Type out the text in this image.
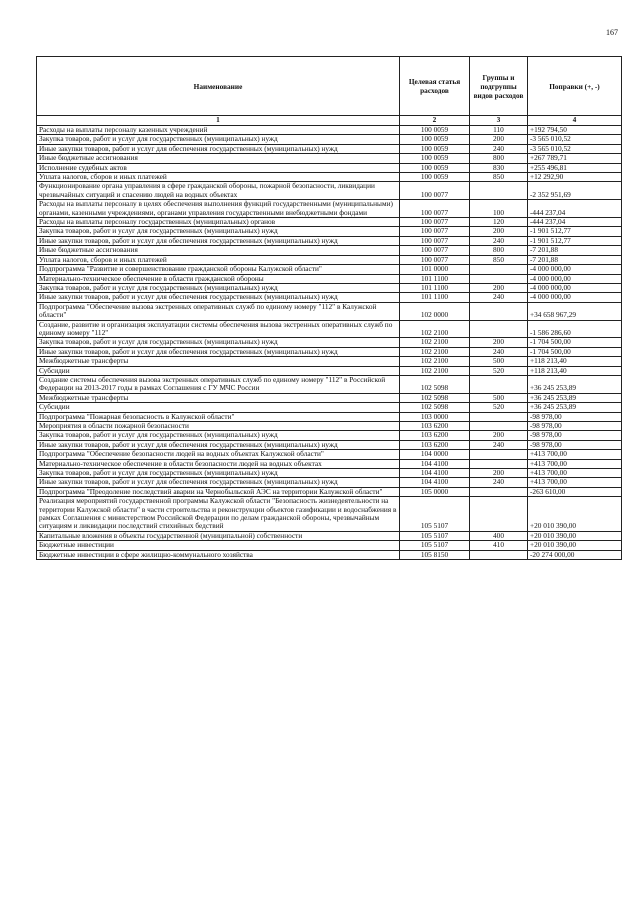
167
Наименование	Целевая статья расходов	Группы и подгруппы видов расходов	Поправки (+, -)
1	2	3	4
Расходы на выплаты персоналу казенных учреждений	100 0059	110	+192 794,50
Закупка товаров, работ и услуг для государственных (муниципальных) нужд	100 0059	200	-3 565 010,52
Иные закупки товаров, работ и услуг для обеспечения государственных (муниципальных) нужд	100 0059	240	-3 565 010,52
Иные бюджетные ассигнования	100 0059	800	+267 789,71
Исполнение судебных актов	100 0059	830	+255 496,81
Уплата налогов, сборов и иных платежей	100 0059	850	+12 292,90
Функционирование органа управления в сфере гражданской обороны, пожарной безопасности, ликвидации чрезвычайных ситуаций и спасению людей на водных объектах	100 0077		-2 352 951,69
Расходы на выплаты персоналу в целях обеспечения выполнения функций государственными (муниципальными) органами, казенными учреждениями, органами управления государственными внебюджетными фондами	100 0077	100	-444 237,04
Расходы на выплаты персоналу государственных (муниципальных) органов	100 0077	120	-444 237,04
Закупка товаров, работ и услуг для государственных (муниципальных) нужд	100 0077	200	-1 901 512,77
Иные закупки товаров, работ и услуг для обеспечения государственных (муниципальных) нужд	100 0077	240	-1 901 512,77
Иные бюджетные ассигнования	100 0077	800	-7 201,88
Уплата налогов, сборов и иных платежей	100 0077	850	-7 201,88
Подпрограмма "Развитие и совершенствование гражданской обороны Калужской области"	101 0000		-4 000 000,00
Материально-техническое обеспечение в области гражданской обороны	101 1100		-4 000 000,00
Закупка товаров, работ и услуг для государственных (муниципальных) нужд	101 1100	200	-4 000 000,00
Иные закупки товаров, работ и услуг для обеспечения государственных (муниципальных) нужд	101 1100	240	-4 000 000,00
Подпрограмма "Обеспечение вызова экстренных оперативных служб по единому номеру "112" в Калужской области"	102 0000		+34 658 967,29
Создание, развитие и организация эксплуатации системы обеспечения вызова экстренных оперативных служб по единому номеру "112"	102 2100		-1 586 286,60
Закупка товаров, работ и услуг для государственных (муниципальных) нужд	102 2100	200	-1 704 500,00
Иные закупки товаров, работ и услуг для обеспечения государственных (муниципальных) нужд	102 2100	240	-1 704 500,00
Межбюджетные трансферты	102 2100	500	+118 213,40
Субсидии	102 2100	520	+118 213,40
Создание системы обеспечения вызова экстренных оперативных служб по единому номеру "112" в Российской Федерации на 2013-2017 годы в рамках Соглашения с ГУ МЧС России	102 5098		+36 245 253,89
Межбюджетные трансферты	102 5098	500	+36 245 253,89
Субсидии	102 5098	520	+36 245 253,89
Подпрограмма "Пожарная безопасность в Калужской области"	103 0000		-98 978,00
Мероприятия в области пожарной безопасности	103 6200		-98 978,00
Закупка товаров, работ и услуг для государственных (муниципальных) нужд	103 6200	200	-98 978,00
Иные закупки товаров, работ и услуг для обеспечения государственных (муниципальных) нужд	103 6200	240	-98 978,00
Подпрограмма "Обеспечение безопасности людей на водных объектах Калужской области"	104 0000		+413 700,00
Материально-техническое обеспечение в области безопасности людей на водных объектах	104 4100		+413 700,00
Закупка товаров, работ и услуг для государственных (муниципальных) нужд	104 4100	200	+413 700,00
Иные закупки товаров, работ и услуг для обеспечения государственных (муниципальных) нужд	104 4100	240	+413 700,00
Подпрограмма "Преодоление последствий аварии на Чернобыльской АЭС на территории Калужской области"	105 0000		-263 610,00
Реализация мероприятий государственной программы Калужской области "Безопасность жизнедеятельности на территории Калужской области" в части строительства и реконструкции объектов газификации и водоснабжения в рамках Соглашения с министерством Российской Федерации по делам гражданской обороны, чрезвычайным ситуациям и ликвидации последствий стихийных бедствий	105 5107		+20 010 390,00
Капитальные вложения в объекты государственной (муниципальной) собственности	105 5107	400	+20 010 390,00
Бюджетные инвестиции	105 5107	410	+20 010 390,00
Бюджетные инвестиции в сфере жилищно-коммунального хозяйства	105 8150		-20 274 000,00
